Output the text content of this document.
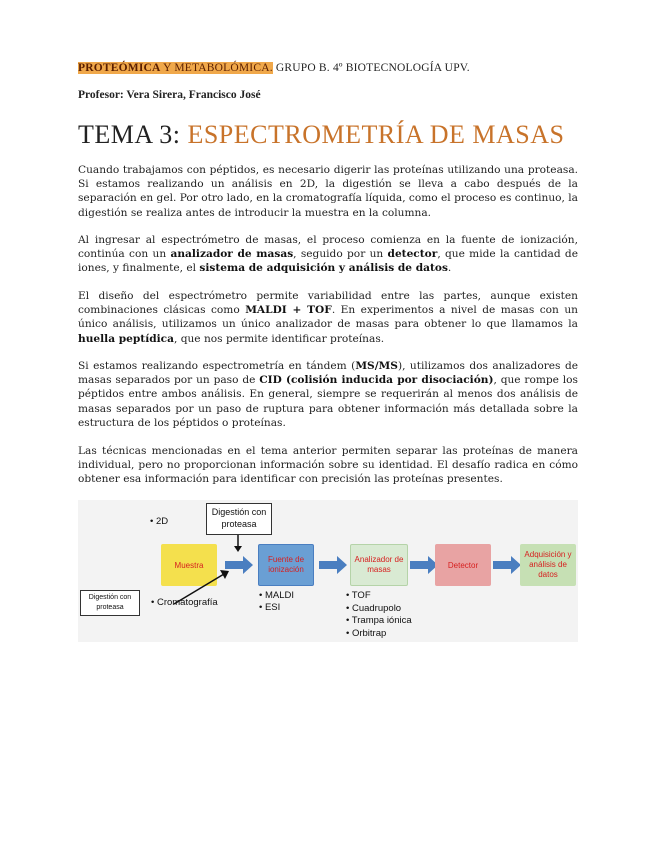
PROTEÓMICA Y METABOLÓMICA. GRUPO B. 4º BIOTECNOLOGÍA UPV.
Profesor: Vera Sirera, Francisco José
TEMA 3: ESPECTROMETRÍA DE MASAS
Cuando trabajamos con péptidos, es necesario digerir las proteínas utilizando una proteasa. Si estamos realizando un análisis en 2D, la digestión se lleva a cabo después de la separación en gel. Por otro lado, en la cromatografía líquida, como el proceso es continuo, la digestión se realiza antes de introducir la muestra en la columna.
Al ingresar al espectrómetro de masas, el proceso comienza en la fuente de ionización, continúa con un analizador de masas, seguido por un detector, que mide la cantidad de iones, y finalmente, el sistema de adquisición y análisis de datos.
El diseño del espectrómetro permite variabilidad entre las partes, aunque existen combinaciones clásicas como MALDI + TOF. En experimentos a nivel de masas con un único análisis, utilizamos un único analizador de masas para obtener lo que llamamos la huella peptídica, que nos permite identificar proteínas.
Si estamos realizando espectrometría en tándem (MS/MS), utilizamos dos analizadores de masas separados por un paso de CID (colisión inducida por disociación), que rompe los péptidos entre ambos análisis. En general, siempre se requerirán al menos dos análisis de masas separados por un paso de ruptura para obtener información más detallada sobre la estructura de los péptidos o proteínas.
Las técnicas mencionadas en el tema anterior permiten separar las proteínas de manera individual, pero no proporcionan información sobre su identidad. El desafío radica en cómo obtener esa información para identificar con precisión las proteínas presentes.
• 2D
Digestión con proteasa
Muestra
Fuente de ionización
Analizador de masas	Detector
Adquisición y análisis de datos
Digestión con proteasa	• Cromatografía
• MALDI
• ESI
• TOF
• Cuadrupolo
• Trampa iónica
• Orbitrap
